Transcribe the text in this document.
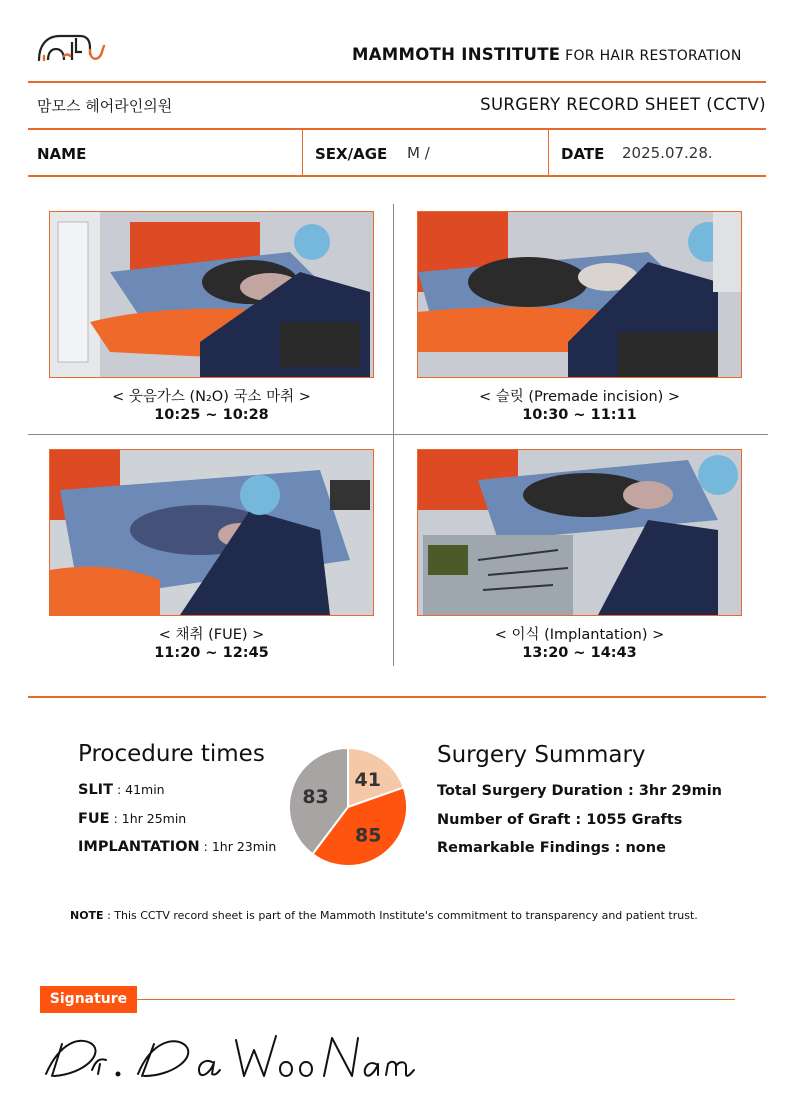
MAMMOTH INSTITUTE FOR HAIR RESTORATION
맘모스 헤어라인의원	SURGERY RECORD SHEET (CCTV)
NAME	SEX/AGE M /	DATE 2025.07.28.
< 웃음가스 (N₂O) 국소 마취 >
10:25 ~ 10:28
< 슬릿 (Premade incision) >
10:30 ~ 11:11
< 채취 (FUE) >
11:20 ~ 12:45
< 이식 (Implantation) >
13:20 ~ 14:43
Procedure times
SLIT : 41min
FUE : 1hr 25min
IMPLANTATION : 1hr 23min
41
85
83
Surgery Summary
Total Surgery Duration : 3hr 29min
Number of Graft : 1055 Grafts
Remarkable Findings : none
NOTE : This CCTV record sheet is part of the Mammoth Institute's commitment to transparency and patient trust.
Signature
